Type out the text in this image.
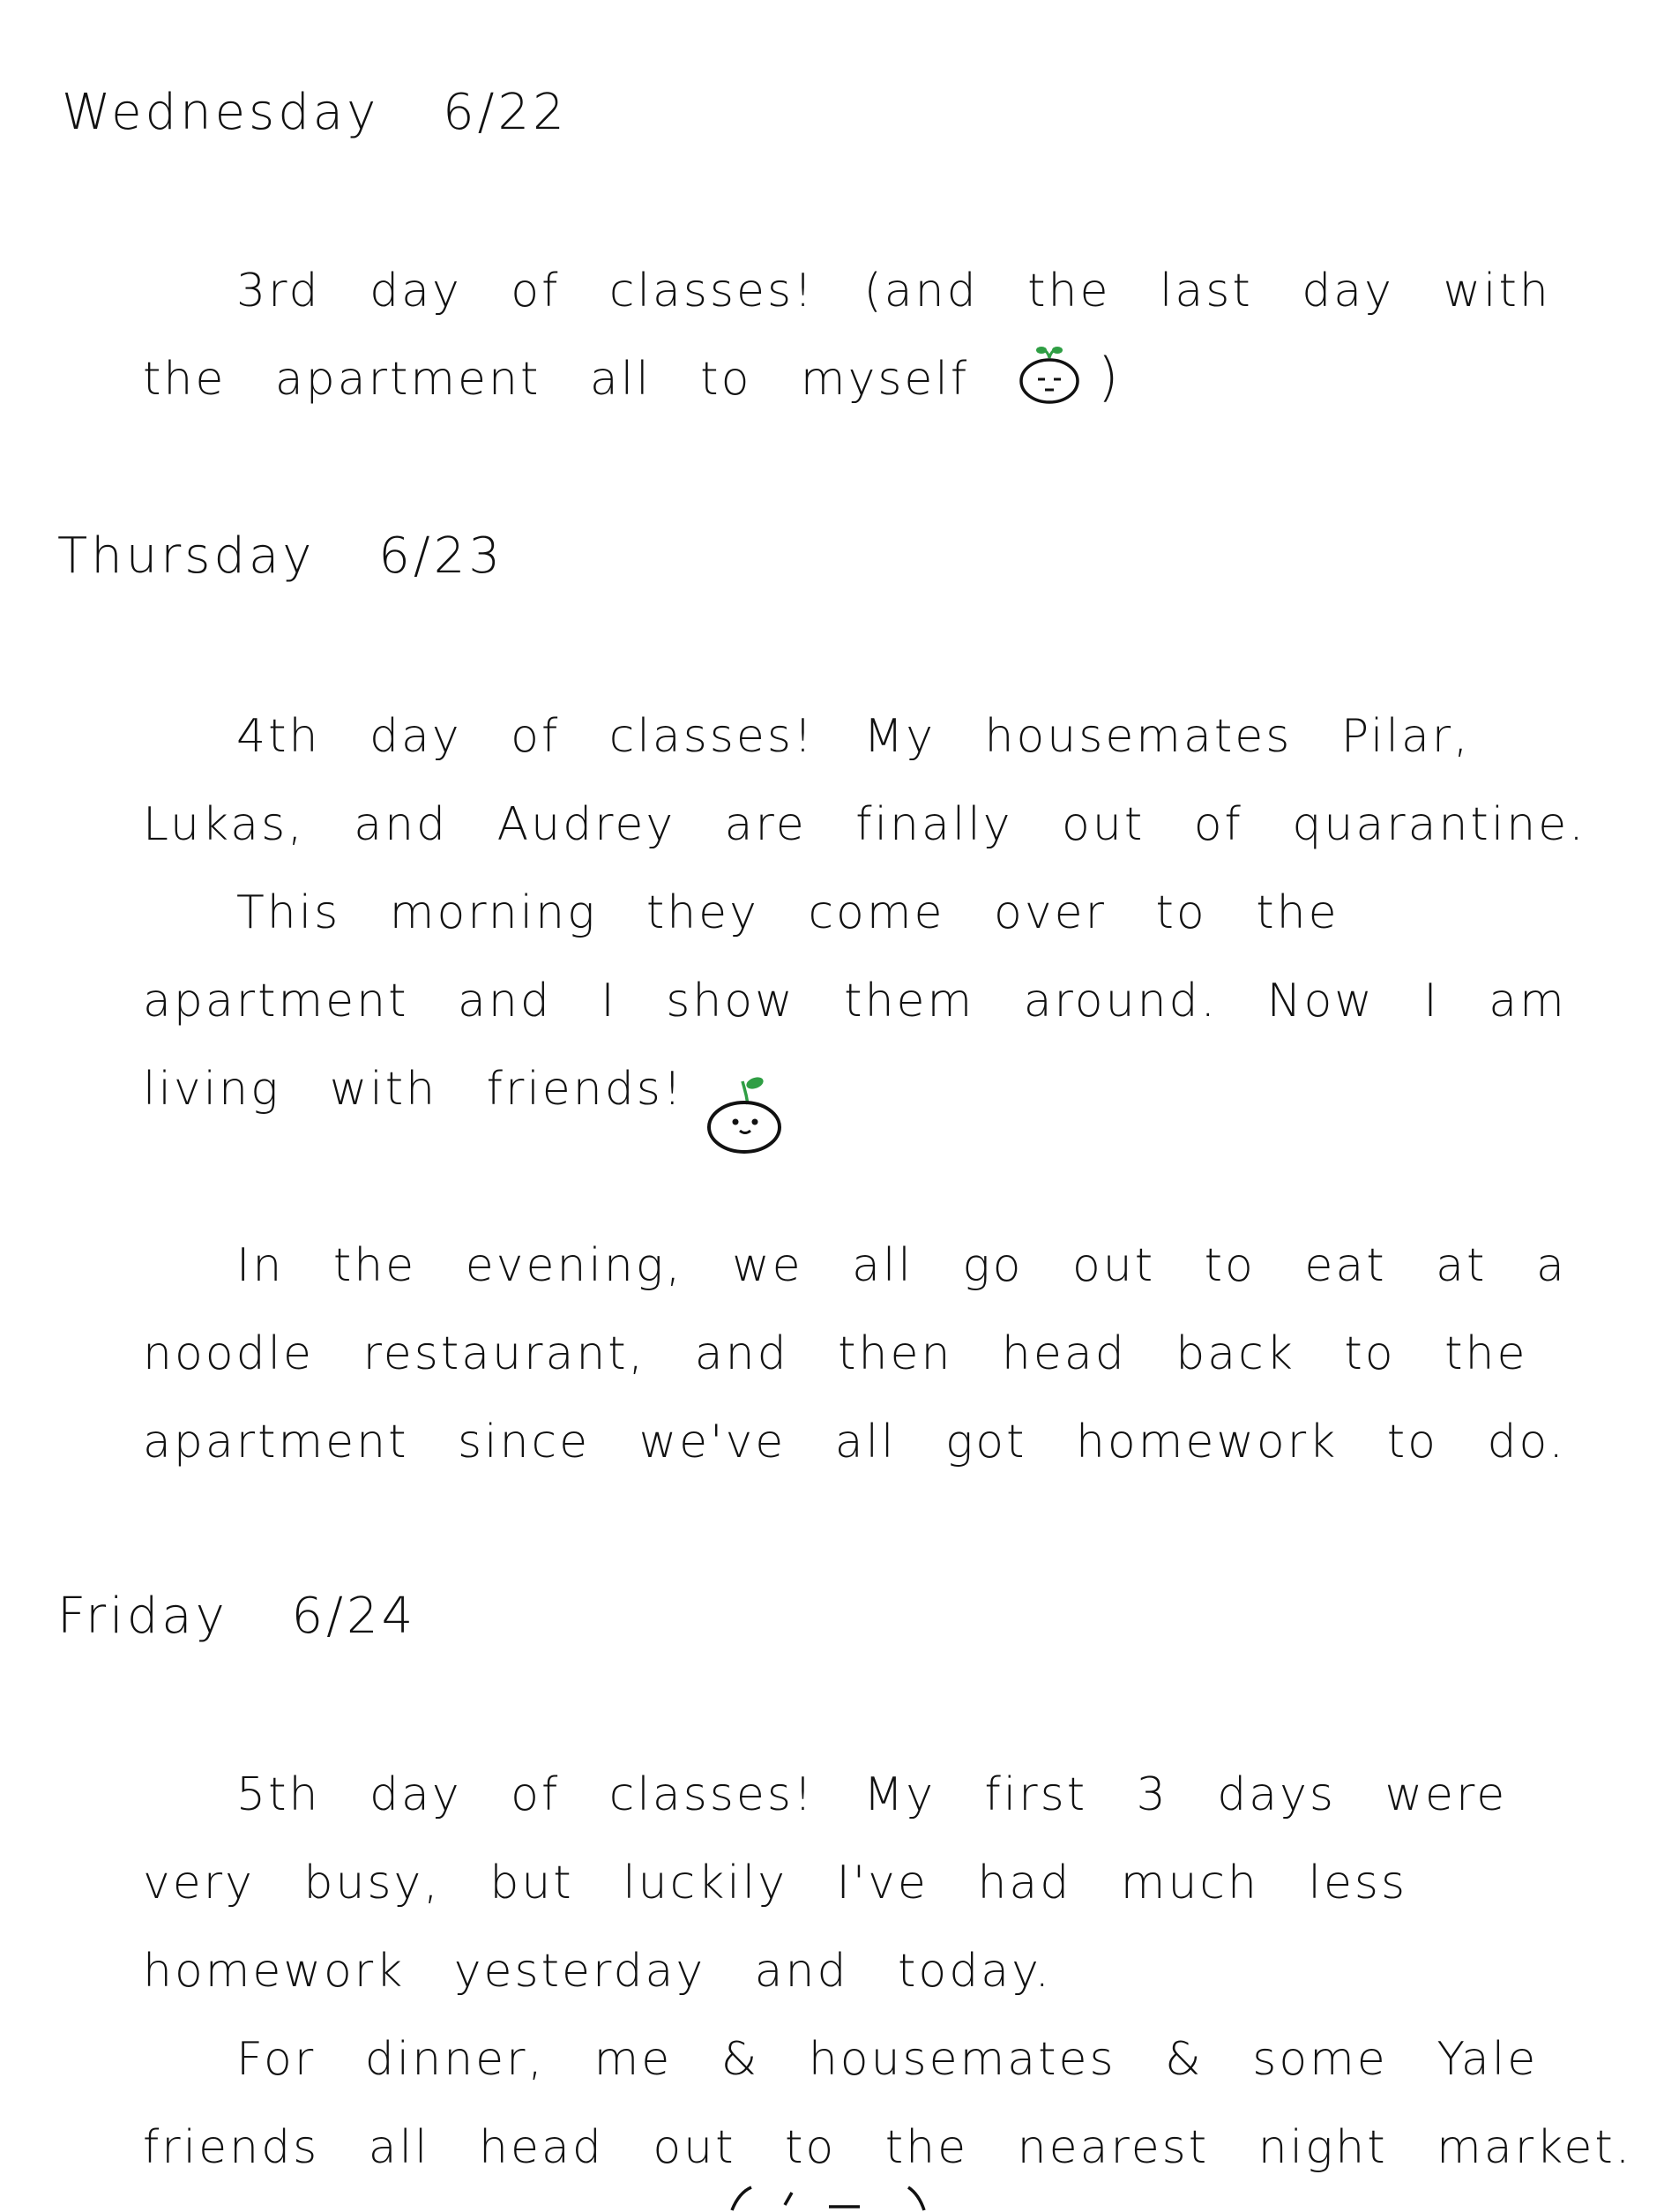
Wednesday 6/22
3rd day of classes! (and the last day with
the apartment all to myself )
Thursday 6/23
4th day of classes! My housemates Pilar,
Lukas, and Audrey are finally out of quarantine.
This morning they come over to the
apartment and I show them around. Now I am
living with friends!
In the evening, we all go out to eat at a
noodle restaurant, and then head back to the
apartment since we've all got homework to do.
Friday 6/24
5th day of classes! My first 3 days were
very busy, but luckily I've had much less
homework yesterday and today.
For dinner, me & housemates & some Yale
friends all head out to the nearest night market.
